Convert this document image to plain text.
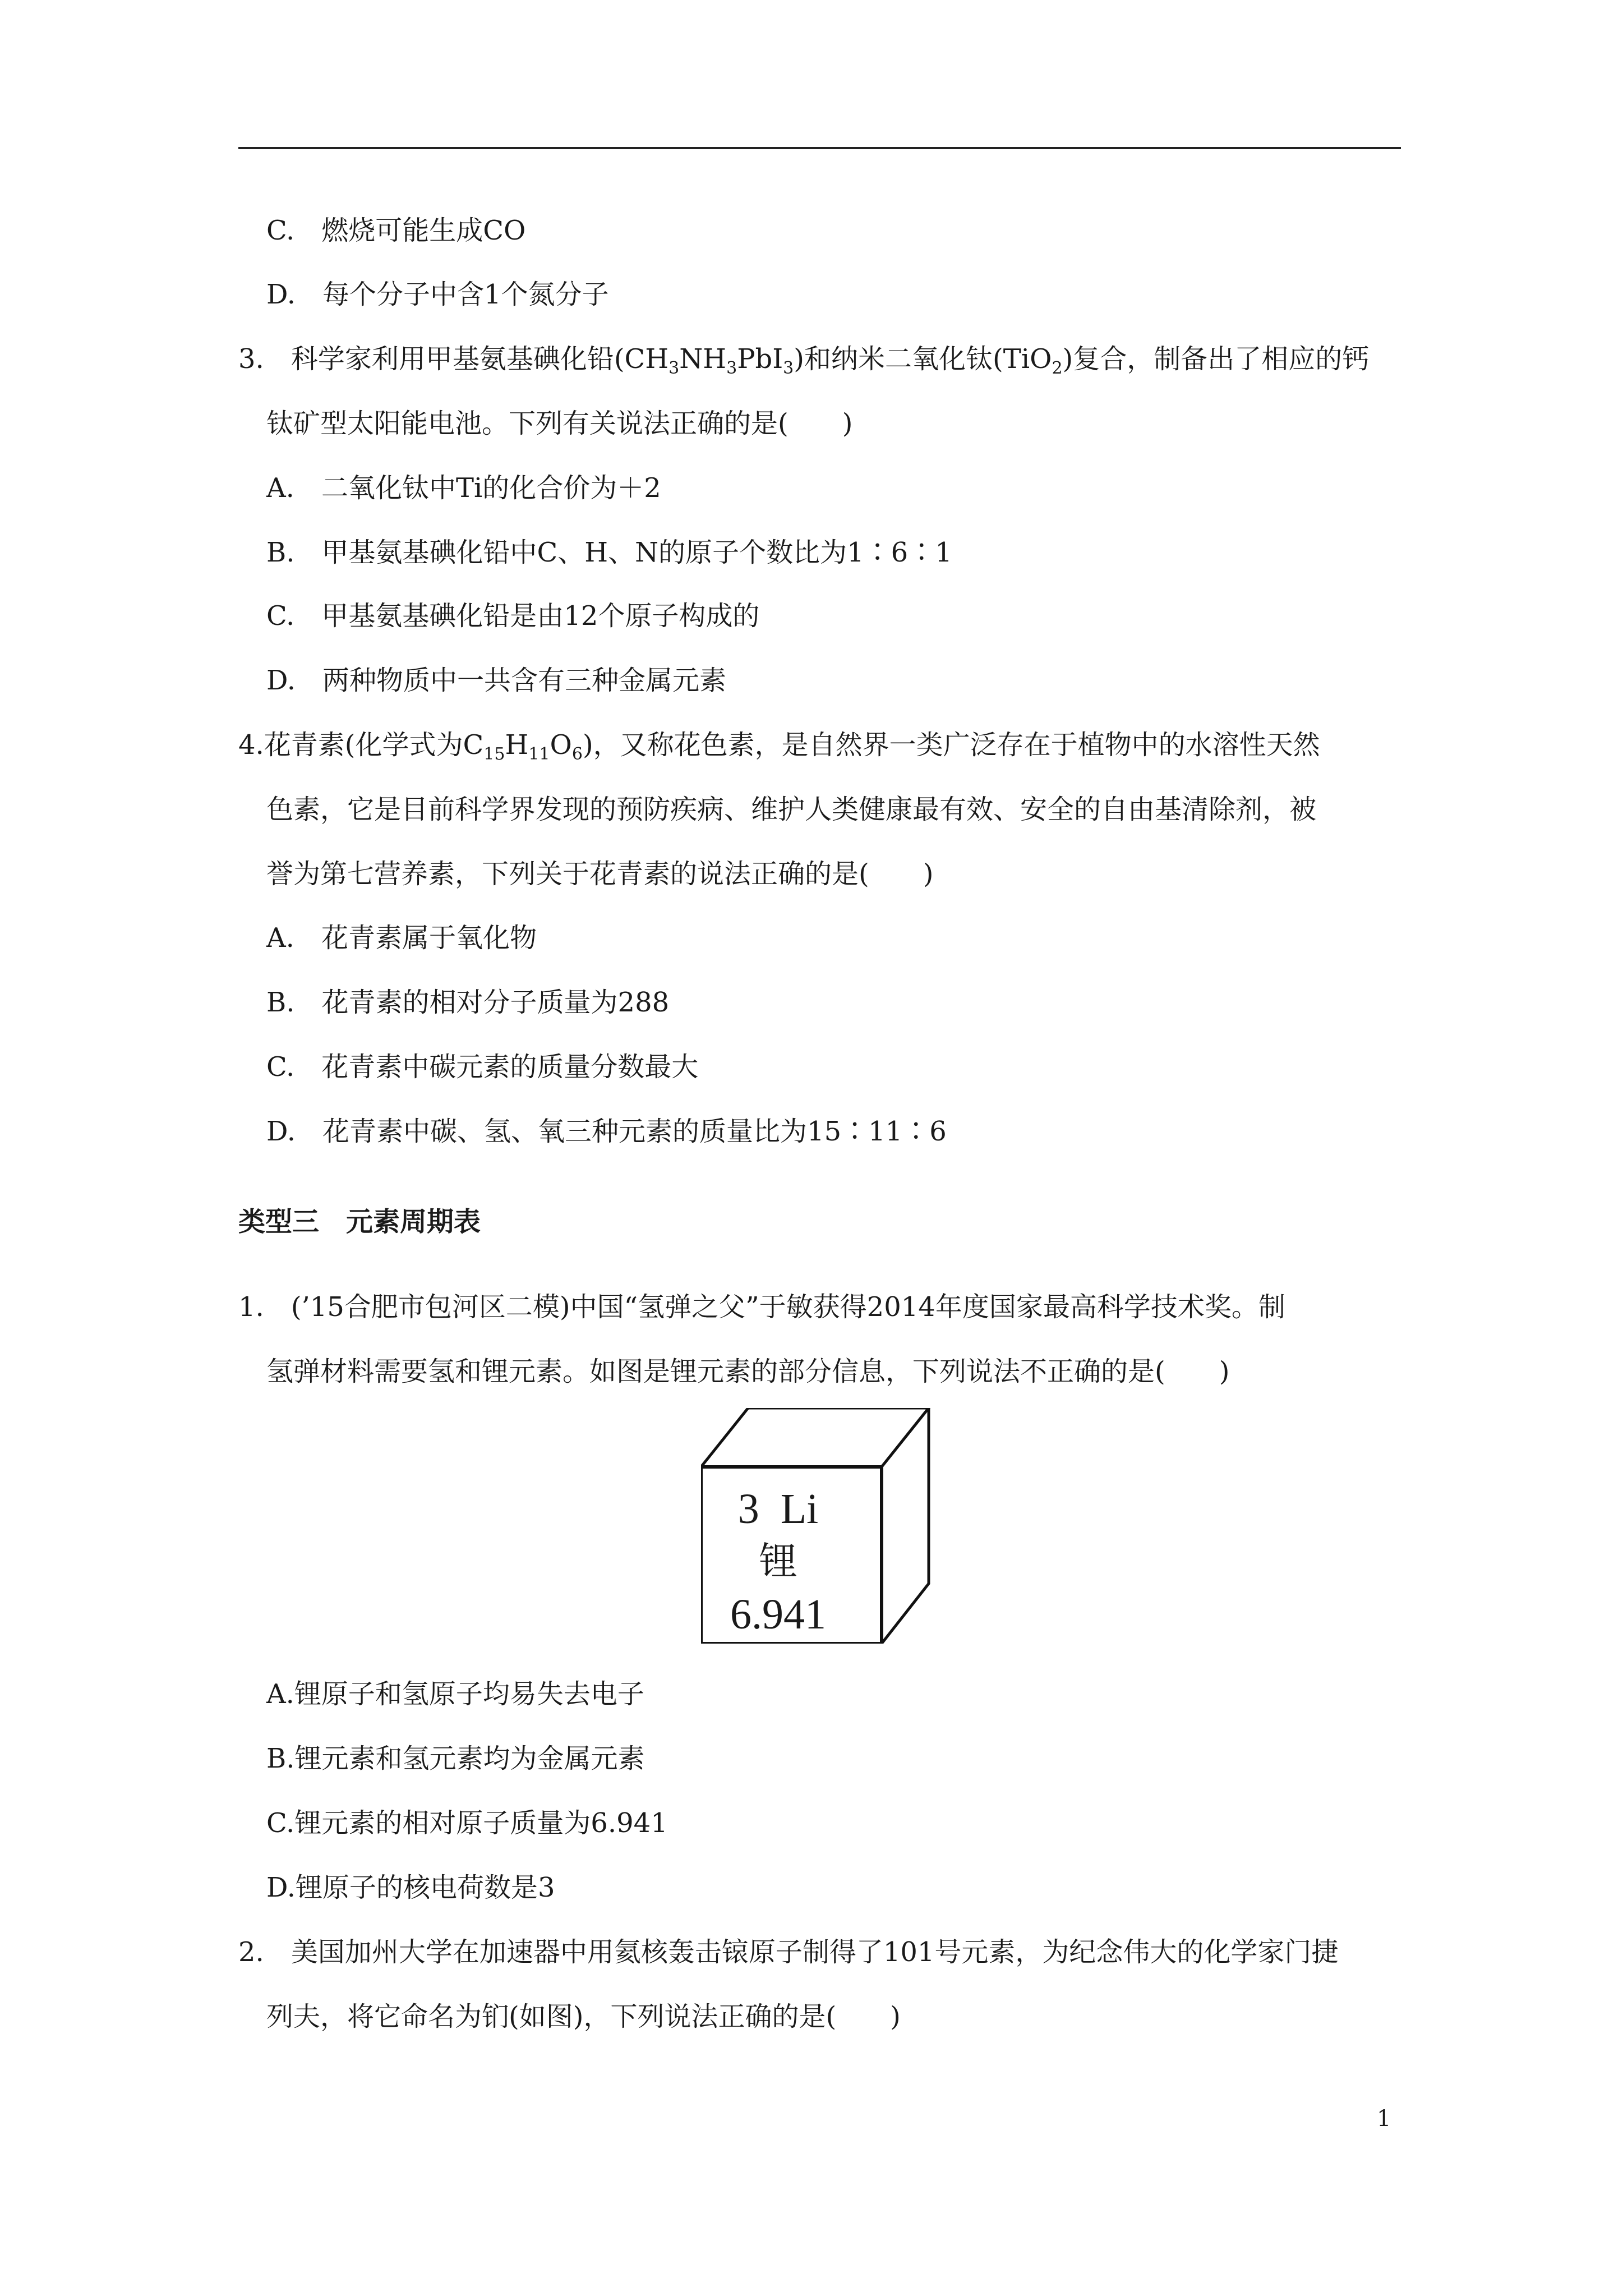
C.　 燃烧可能生成CO
D.　 每个分子中含1个氮分子
3.　 科学家利用甲基氨基碘化铅$(CH_3NH_3PbI_3)$和纳米二氧化钛(TiO$_2$)复合，制备出了相应的钙
钛矿型太阳能电池。下列有关说法正确的是(　　)
A.　 二氧化钛中Ti的化合价为＋2
B.　 甲基氨基碘化铅中C、H、N的原子个数比为1∶6∶1
C.　 甲基氨基碘化铅是由12个原子构成的
D.　 两种物质中一共含有三种金属元素
4.花青素(化学式为$C_{15}H_{11}O_6$)，又称花色素，是自然界一类广泛存在于植物中的水溶性天然
色素，它是目前科学界发现的预防疾病、维护人类健康最有效、安全的自由基清除剂，被
誉为第七营养素，下列关于花青素的说法正确的是(　　)
A.　 花青素属于氧化物
B.　 花青素的相对分子质量为288
C.　 花青素中碳元素的质量分数最大
D.　 花青素中碳、氢、氧三种元素的质量比为15∶11∶6
类型三　元素周期表
1.　 (’15合肥市包河区二模)中国“氢弹之父”于敏获得2014年度国家最高科学技术奖。制
氢弹材料需要氢和锂元素。如图是锂元素的部分信息，下列说法不正确的是(　　)
3 Li
锂
6.941
A.锂原子和氢原子均易失去电子
B.锂元素和氢元素均为金属元素
C.锂元素的相对原子质量为6.941
D.锂原子的核电荷数是3
2.　 美国加州大学在加速器中用氦核轰击锿原子制得了101号元素，为纪念伟大的化学家门捷
列夫，将它命名为钔(如图)，下列说法正确的是(　　)
1
